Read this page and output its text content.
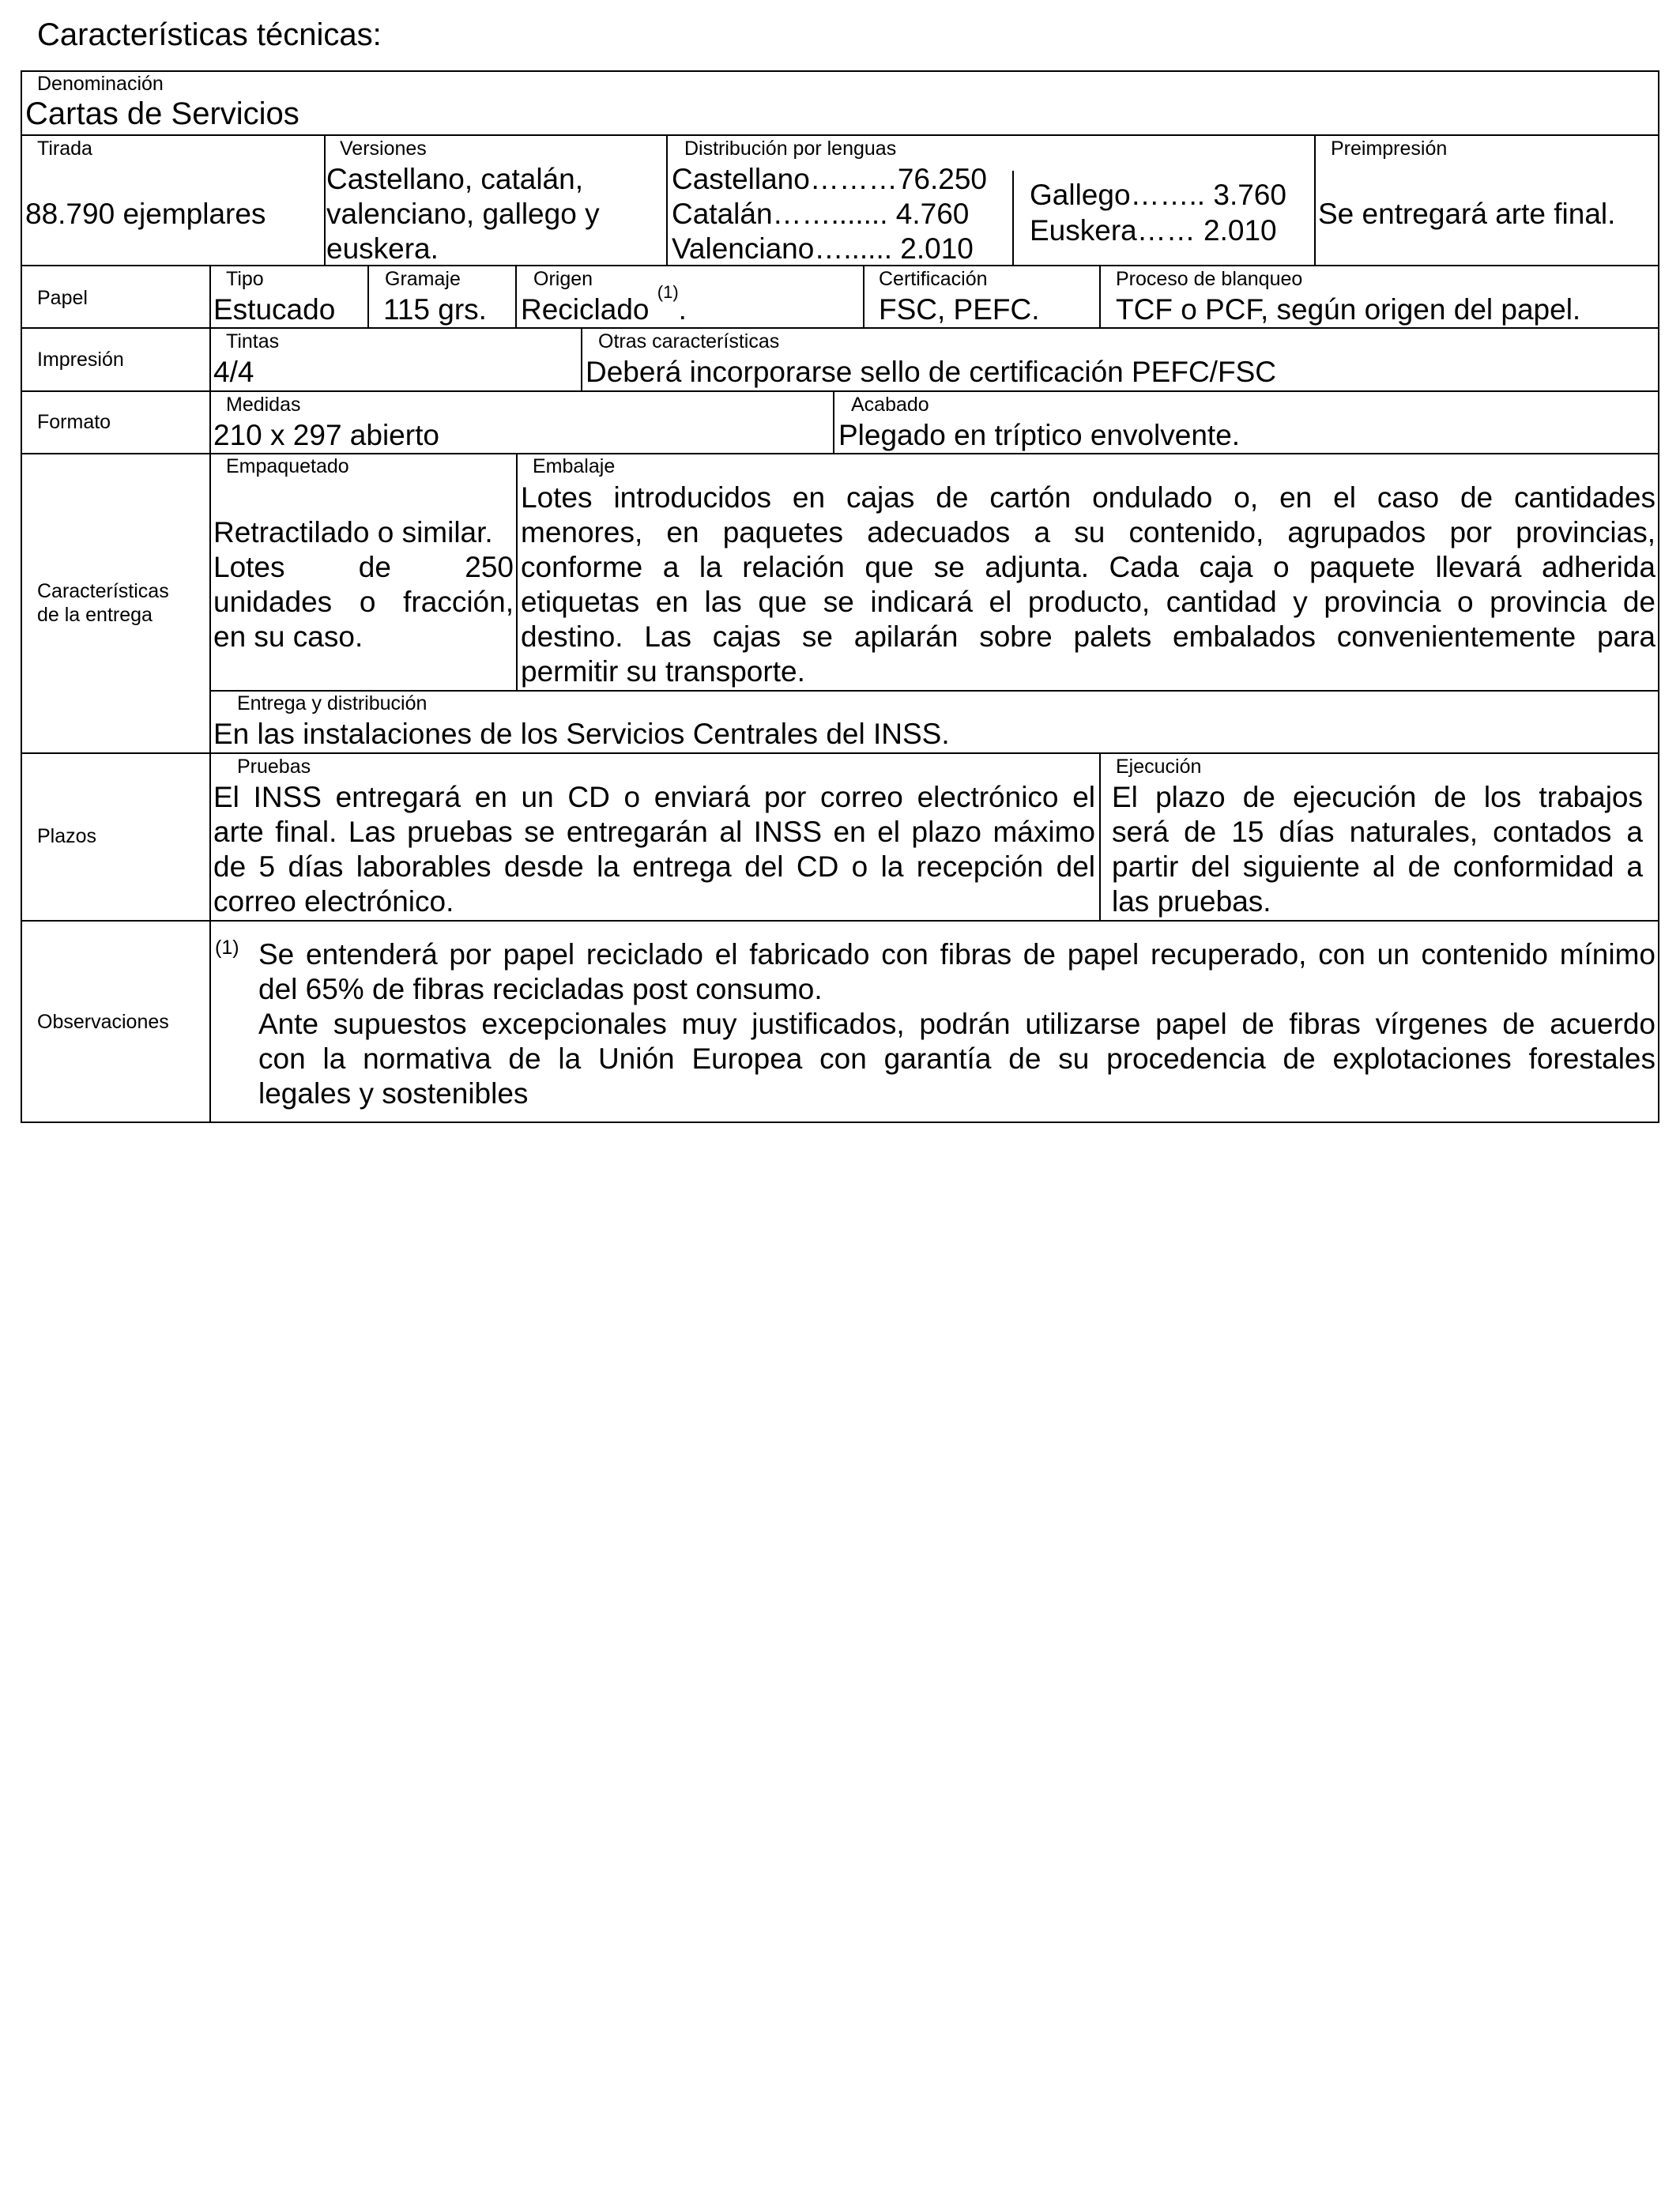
Características técnicas:
Denominación
Cartas de Servicios
Tirada
88.790 ejemplares
Versiones
Castellano, catalán,
valenciano, gallego y
euskera.
Distribución por lenguas
Castellano………76.250
Catalán……....... 4.760
Valenciano…...... 2.010
Gallego…….. 3.760
Euskera…… 2.010
Preimpresión
Se entregará arte final.
Papel
Tipo
Estucado
Gramaje
115 grs.
Origen
Reciclado $^{(1)}$.
Certificación
FSC, PEFC.
Proceso de blanqueo
TCF o PCF, según origen del papel.
Impresión
Tintas
4/4
Otras características
Deberá incorporarse sello de certificación PEFC/FSC
Formato
Medidas
210 x 297 abierto
Acabado
Plegado en tríptico envolvente.
Características
de la entrega
Empaquetado
Retractilado o similar.
Lotes de 250
unidades o fracción,
en su caso.
Embalaje
Lotes introducidos en cajas de cartón ondulado o, en el caso de cantidades
menores, en paquetes adecuados a su contenido, agrupados por provincias,
conforme a la relación que se adjunta. Cada caja o paquete llevará adherida
etiquetas en las que se indicará el producto, cantidad y provincia o provincia de
destino. Las cajas se apilarán sobre palets embalados convenientemente para
permitir su transporte.
Entrega y distribución
En las instalaciones de los Servicios Centrales del INSS.
Plazos
Pruebas
El INSS entregará en un CD o enviará por correo electrónico el
arte final. Las pruebas se entregarán al INSS en el plazo máximo
de 5 días laborables desde la entrega del CD o la recepción del
correo electrónico.
Ejecución
El plazo de ejecución de los trabajos
será de 15 días naturales, contados a
partir del siguiente al de conformidad a
las pruebas.
Observaciones
(1) Se entenderá por papel reciclado el fabricado con fibras de papel recuperado, con un contenido mínimo
del 65% de fibras recicladas post consumo.
Ante supuestos excepcionales muy justificados, podrán utilizarse papel de fibras vírgenes de acuerdo
con la normativa de la Unión Europea con garantía de su procedencia de explotaciones forestales
legales y sostenibles
